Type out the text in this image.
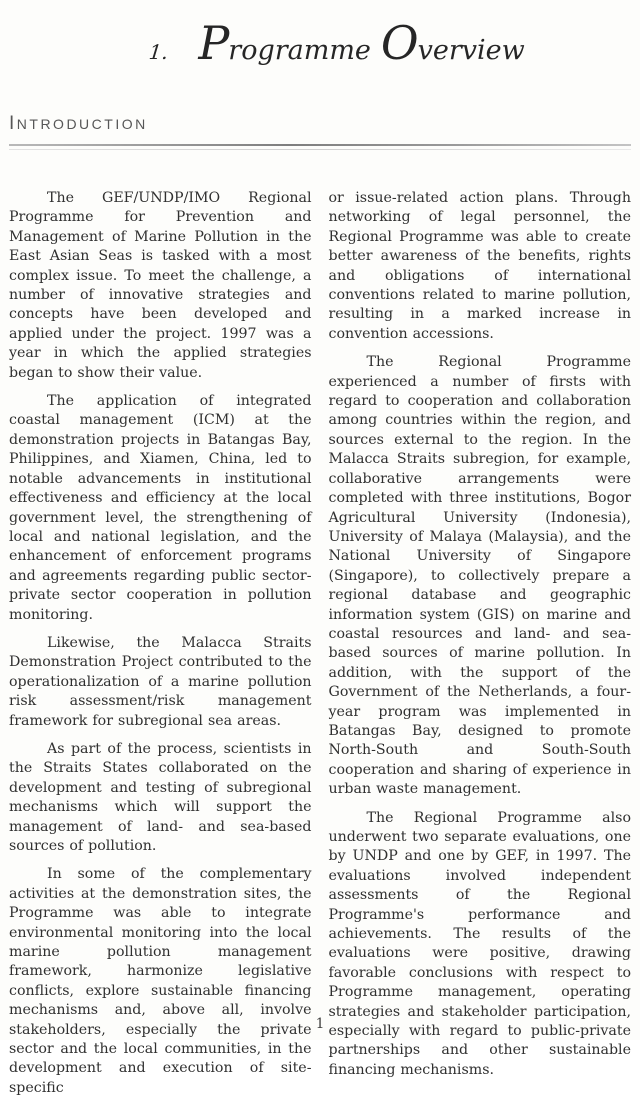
1. Programme Overview
INTRODUCTION

The GEF/UNDP/IMO Regional Programme for Prevention and Management of Marine Pollution in the East Asian Seas is tasked with a most complex issue. To meet the challenge, a number of innovative strategies and concepts have been developed and applied under the project. 1997 was a year in which the applied strategies began to show their value.

The application of integrated coastal management (ICM) at the demonstration projects in Batangas Bay, Philippines, and Xiamen, China, led to notable advancements in institutional effectiveness and efficiency at the local government level, the strengthening of local and national legislation, and the enhancement of enforcement programs and agreements regarding public sector-private sector cooperation in pollution monitoring.

Likewise, the Malacca Straits Demonstration Project contributed to the operationalization of a marine pollution risk assessment/risk management framework for subregional sea areas.

As part of the process, scientists in the Straits States collaborated on the development and testing of subregional mechanisms which will support the management of land- and sea-based sources of pollution.

In some of the complementary activities at the demonstration sites, the Programme was able to integrate environmental monitoring into the local marine pollution management framework, harmonize legislative conflicts, explore sustainable financing mechanisms and, above all, involve stakeholders, especially the private sector and the local communities, in the development and execution of site-specific

or issue-related action plans. Through networking of legal personnel, the Regional Programme was able to create better awareness of the benefits, rights and obligations of international conventions related to marine pollution, resulting in a marked increase in convention accessions.

The Regional Programme experienced a number of firsts with regard to cooperation and collaboration among countries within the region, and sources external to the region. In the Malacca Straits subregion, for example, collaborative arrangements were completed with three institutions, Bogor Agricultural University (Indonesia), University of Malaya (Malaysia), and the National University of Singapore (Singapore), to collectively prepare a regional database and geographic information system (GIS) on marine and coastal resources and land- and sea-based sources of marine pollution. In addition, with the support of the Government of the Netherlands, a four-year program was implemented in Batangas Bay, designed to promote North-South and South-South cooperation and sharing of experience in urban waste management.

The Regional Programme also underwent two separate evaluations, one by UNDP and one by GEF, in 1997. The evaluations involved independent assessments of the Regional Programme's performance and achievements. The results of the evaluations were positive, drawing favorable conclusions with respect to Programme management, operating strategies and stakeholder participation, especially with regard to public-private partnerships and other sustainable financing mechanisms.

1
